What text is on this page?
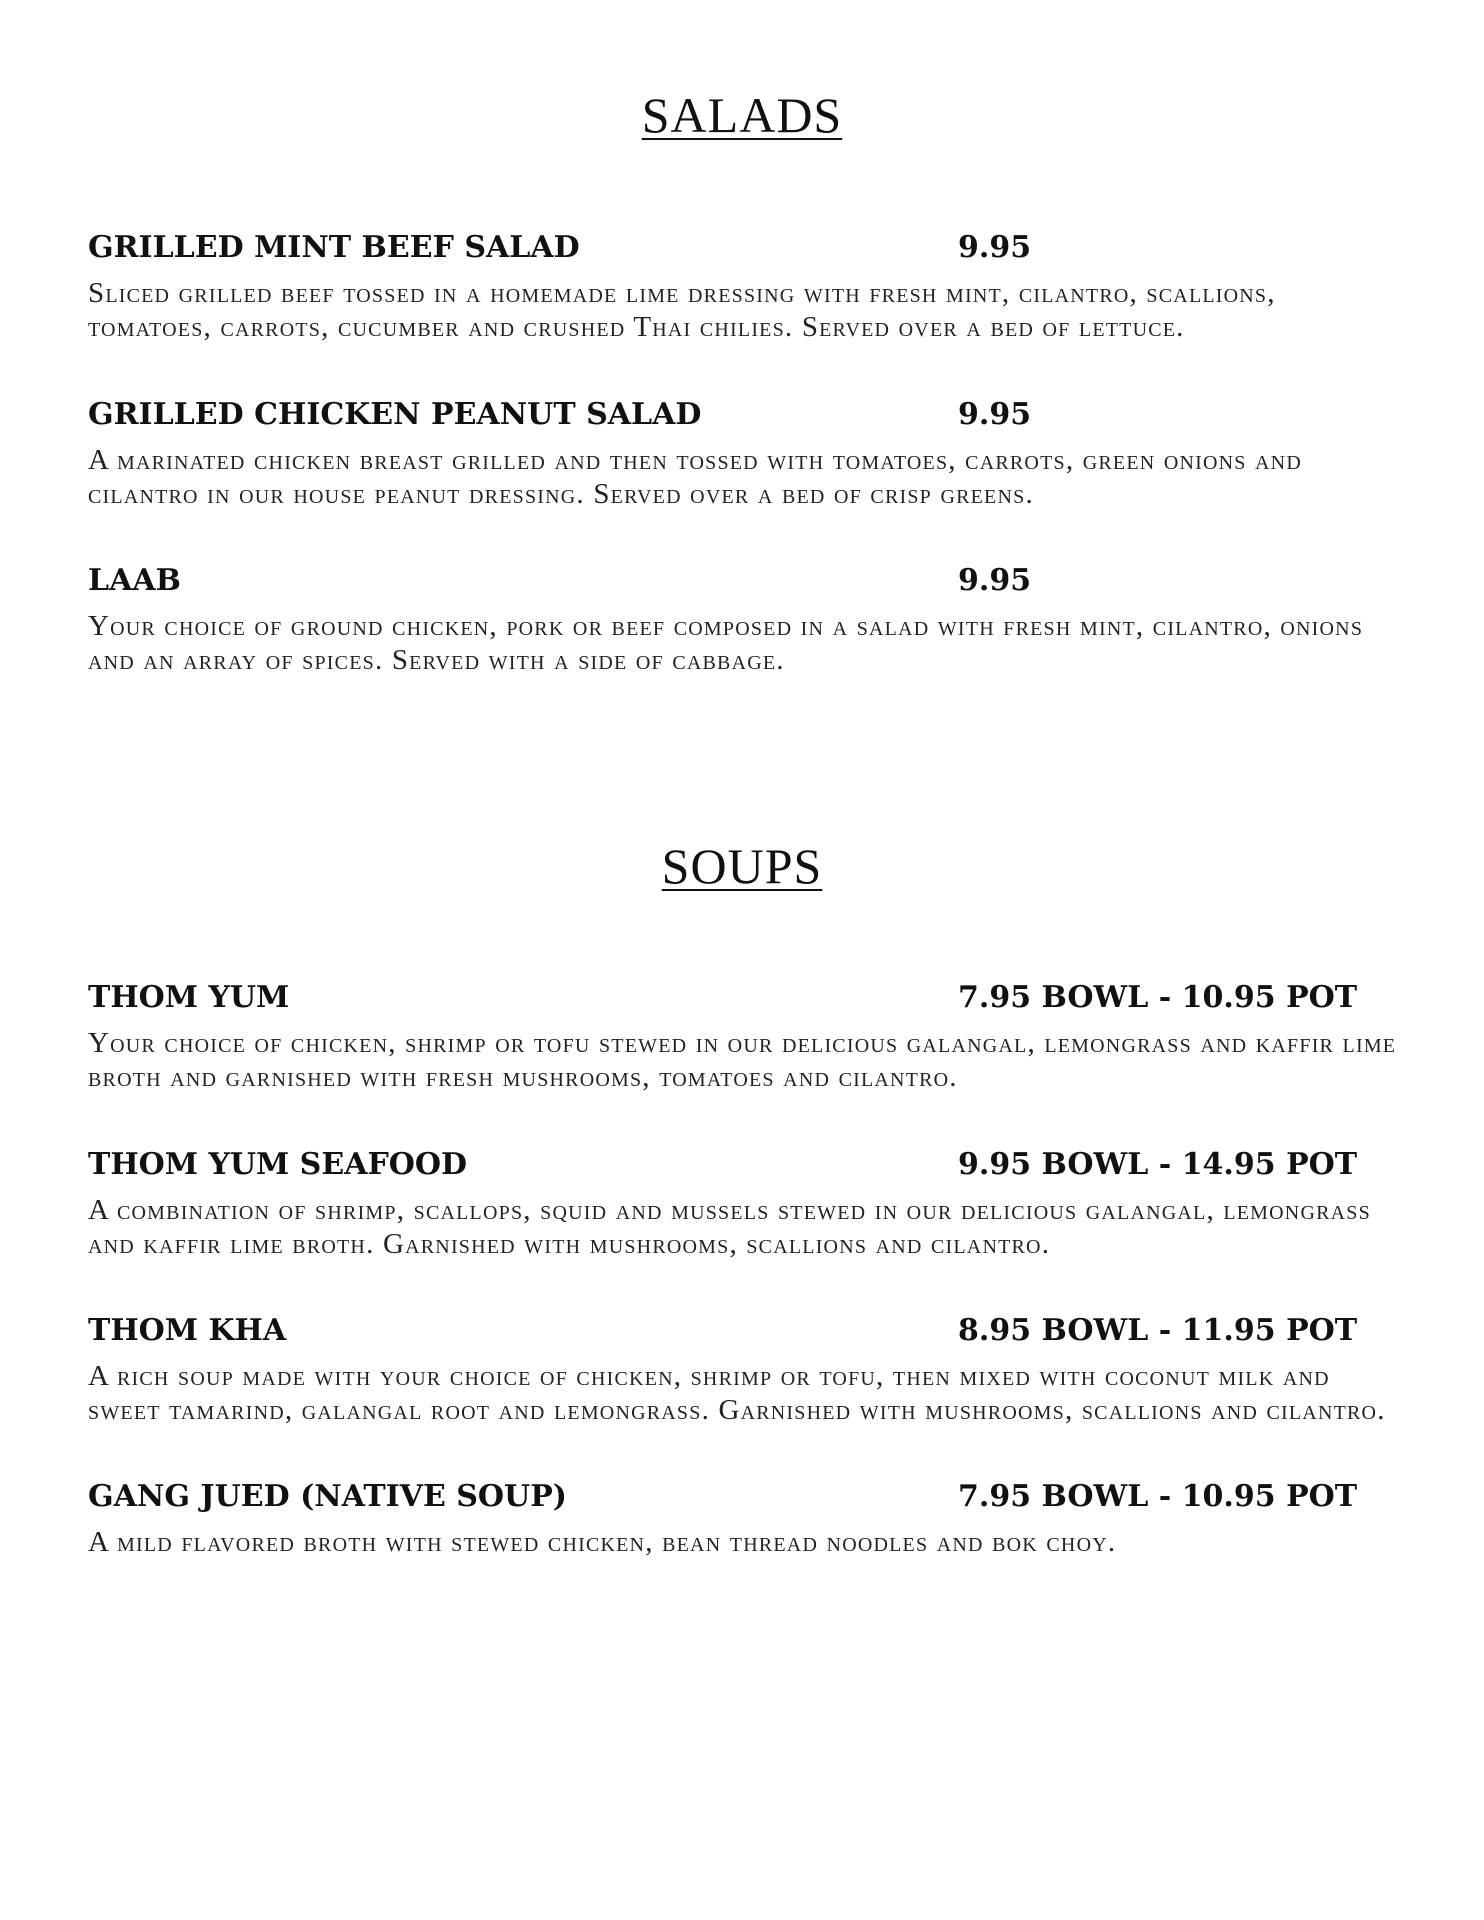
SALADS
GRILLED MINT BEEF SALAD	9.95
Sliced grilled beef tossed in a homemade lime dressing with fresh mint, cilantro, scallions, tomatoes, carrots, cucumber and crushed Thai chilies. Served over a bed of lettuce.
GRILLED CHICKEN PEANUT SALAD	9.95
A marinated chicken breast grilled and then tossed with tomatoes, carrots, green onions and cilantro in our house peanut dressing. Served over a bed of crisp greens.
LAAB	9.95
Your choice of ground chicken, pork or beef composed in a salad with fresh mint, cilantro, onions and an array of spices. Served with a side of cabbage.
SOUPS
THOM YUM	7.95 BOWL - 10.95 POT
Your choice of chicken, shrimp or tofu stewed in our delicious galangal, lemongrass and kaffir lime broth and garnished with fresh mushrooms, tomatoes and cilantro.
THOM YUM SEAFOOD	9.95 BOWL - 14.95 POT
A combination of shrimp, scallops, squid and mussels stewed in our delicious galangal, lemongrass and kaffir lime broth. Garnished with mushrooms, scallions and cilantro.
THOM KHA	8.95 BOWL - 11.95 POT
A rich soup made with your choice of chicken, shrimp or tofu, then mixed with coconut milk and sweet tamarind, galangal root and lemongrass. Garnished with mushrooms, scallions and cilantro.
GANG JUED (NATIVE SOUP)	7.95 BOWL - 10.95 POT
A mild flavored broth with stewed chicken, bean thread noodles and bok choy.
